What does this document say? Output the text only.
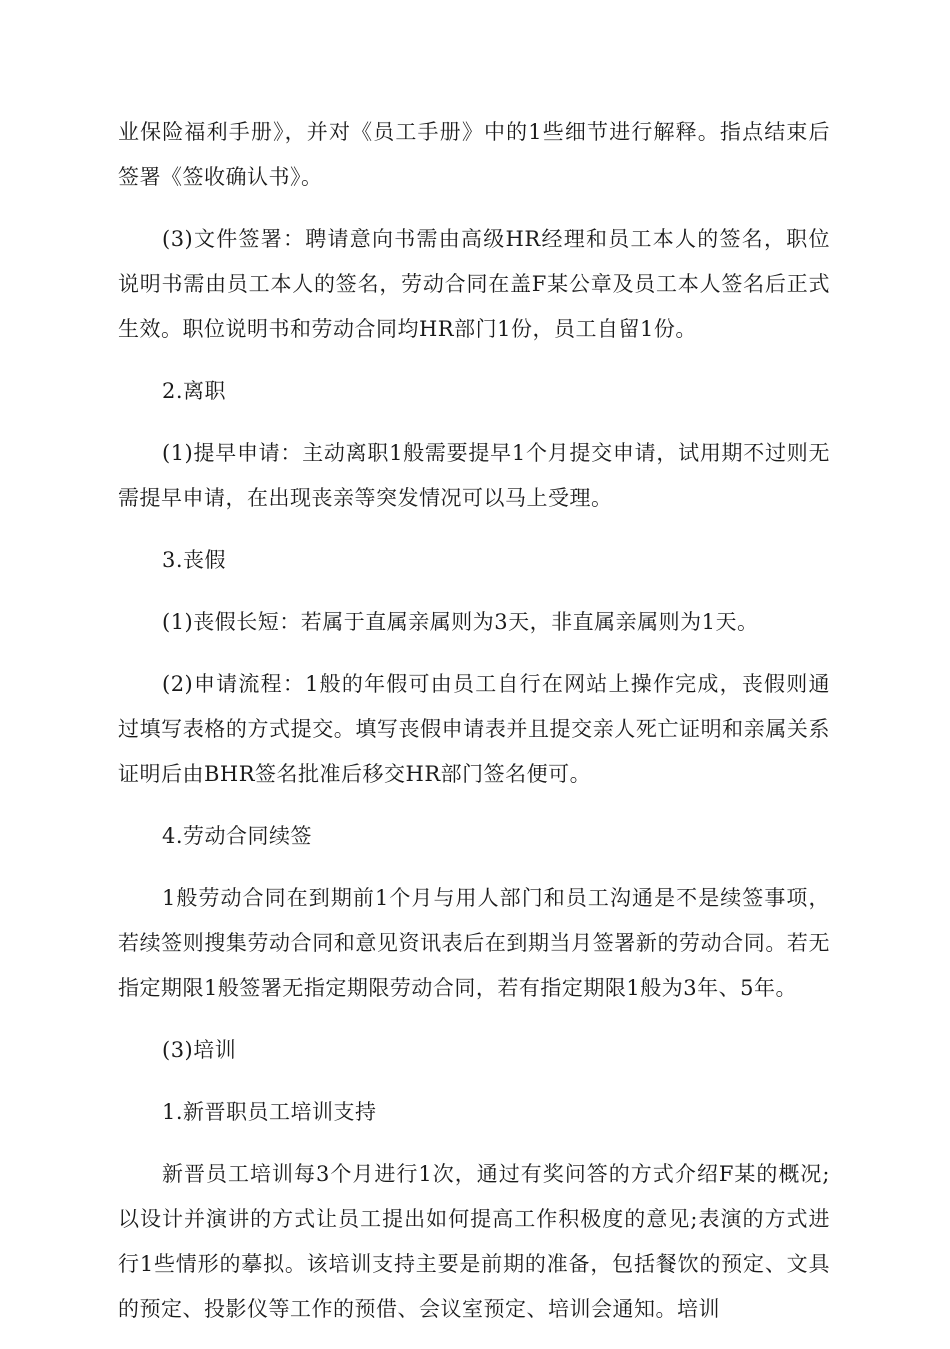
业保险福利手册》，并对《员工手册》中的1些细节进行解释。指点结束后签署《签收确认书》。

(3)文件签署：聘请意向书需由高级HR经理和员工本人的签名，职位说明书需由员工本人的签名，劳动合同在盖F某公章及员工本人签名后正式生效。职位说明书和劳动合同均HR部门1份，员工自留1份。

2.离职

(1)提早申请：主动离职1般需要提早1个月提交申请，试用期不过则无需提早申请，在出现丧亲等突发情况可以马上受理。

3.丧假

(1)丧假长短：若属于直属亲属则为3天，非直属亲属则为1天。

(2)申请流程：1般的年假可由员工自行在网站上操作完成，丧假则通过填写表格的方式提交。填写丧假申请表并且提交亲人死亡证明和亲属关系证明后由BHR签名批准后移交HR部门签名便可。

4.劳动合同续签

1般劳动合同在到期前1个月与用人部门和员工沟通是不是续签事项，若续签则搜集劳动合同和意见资讯表后在到期当月签署新的劳动合同。若无指定期限1般签署无指定期限劳动合同，若有指定期限1般为3年、5年。

(3)培训

1.新晋职员工培训支持

新晋员工培训每3个月进行1次，通过有奖问答的方式介绍F某的概况;以设计并演讲的方式让员工提出如何提高工作积极度的意见;表演的方式进行1些情形的摹拟。该培训支持主要是前期的准备，包括餐饮的预定、文具的预定、投影仪等工作的预借、会议室预定、培训会通知。培训
